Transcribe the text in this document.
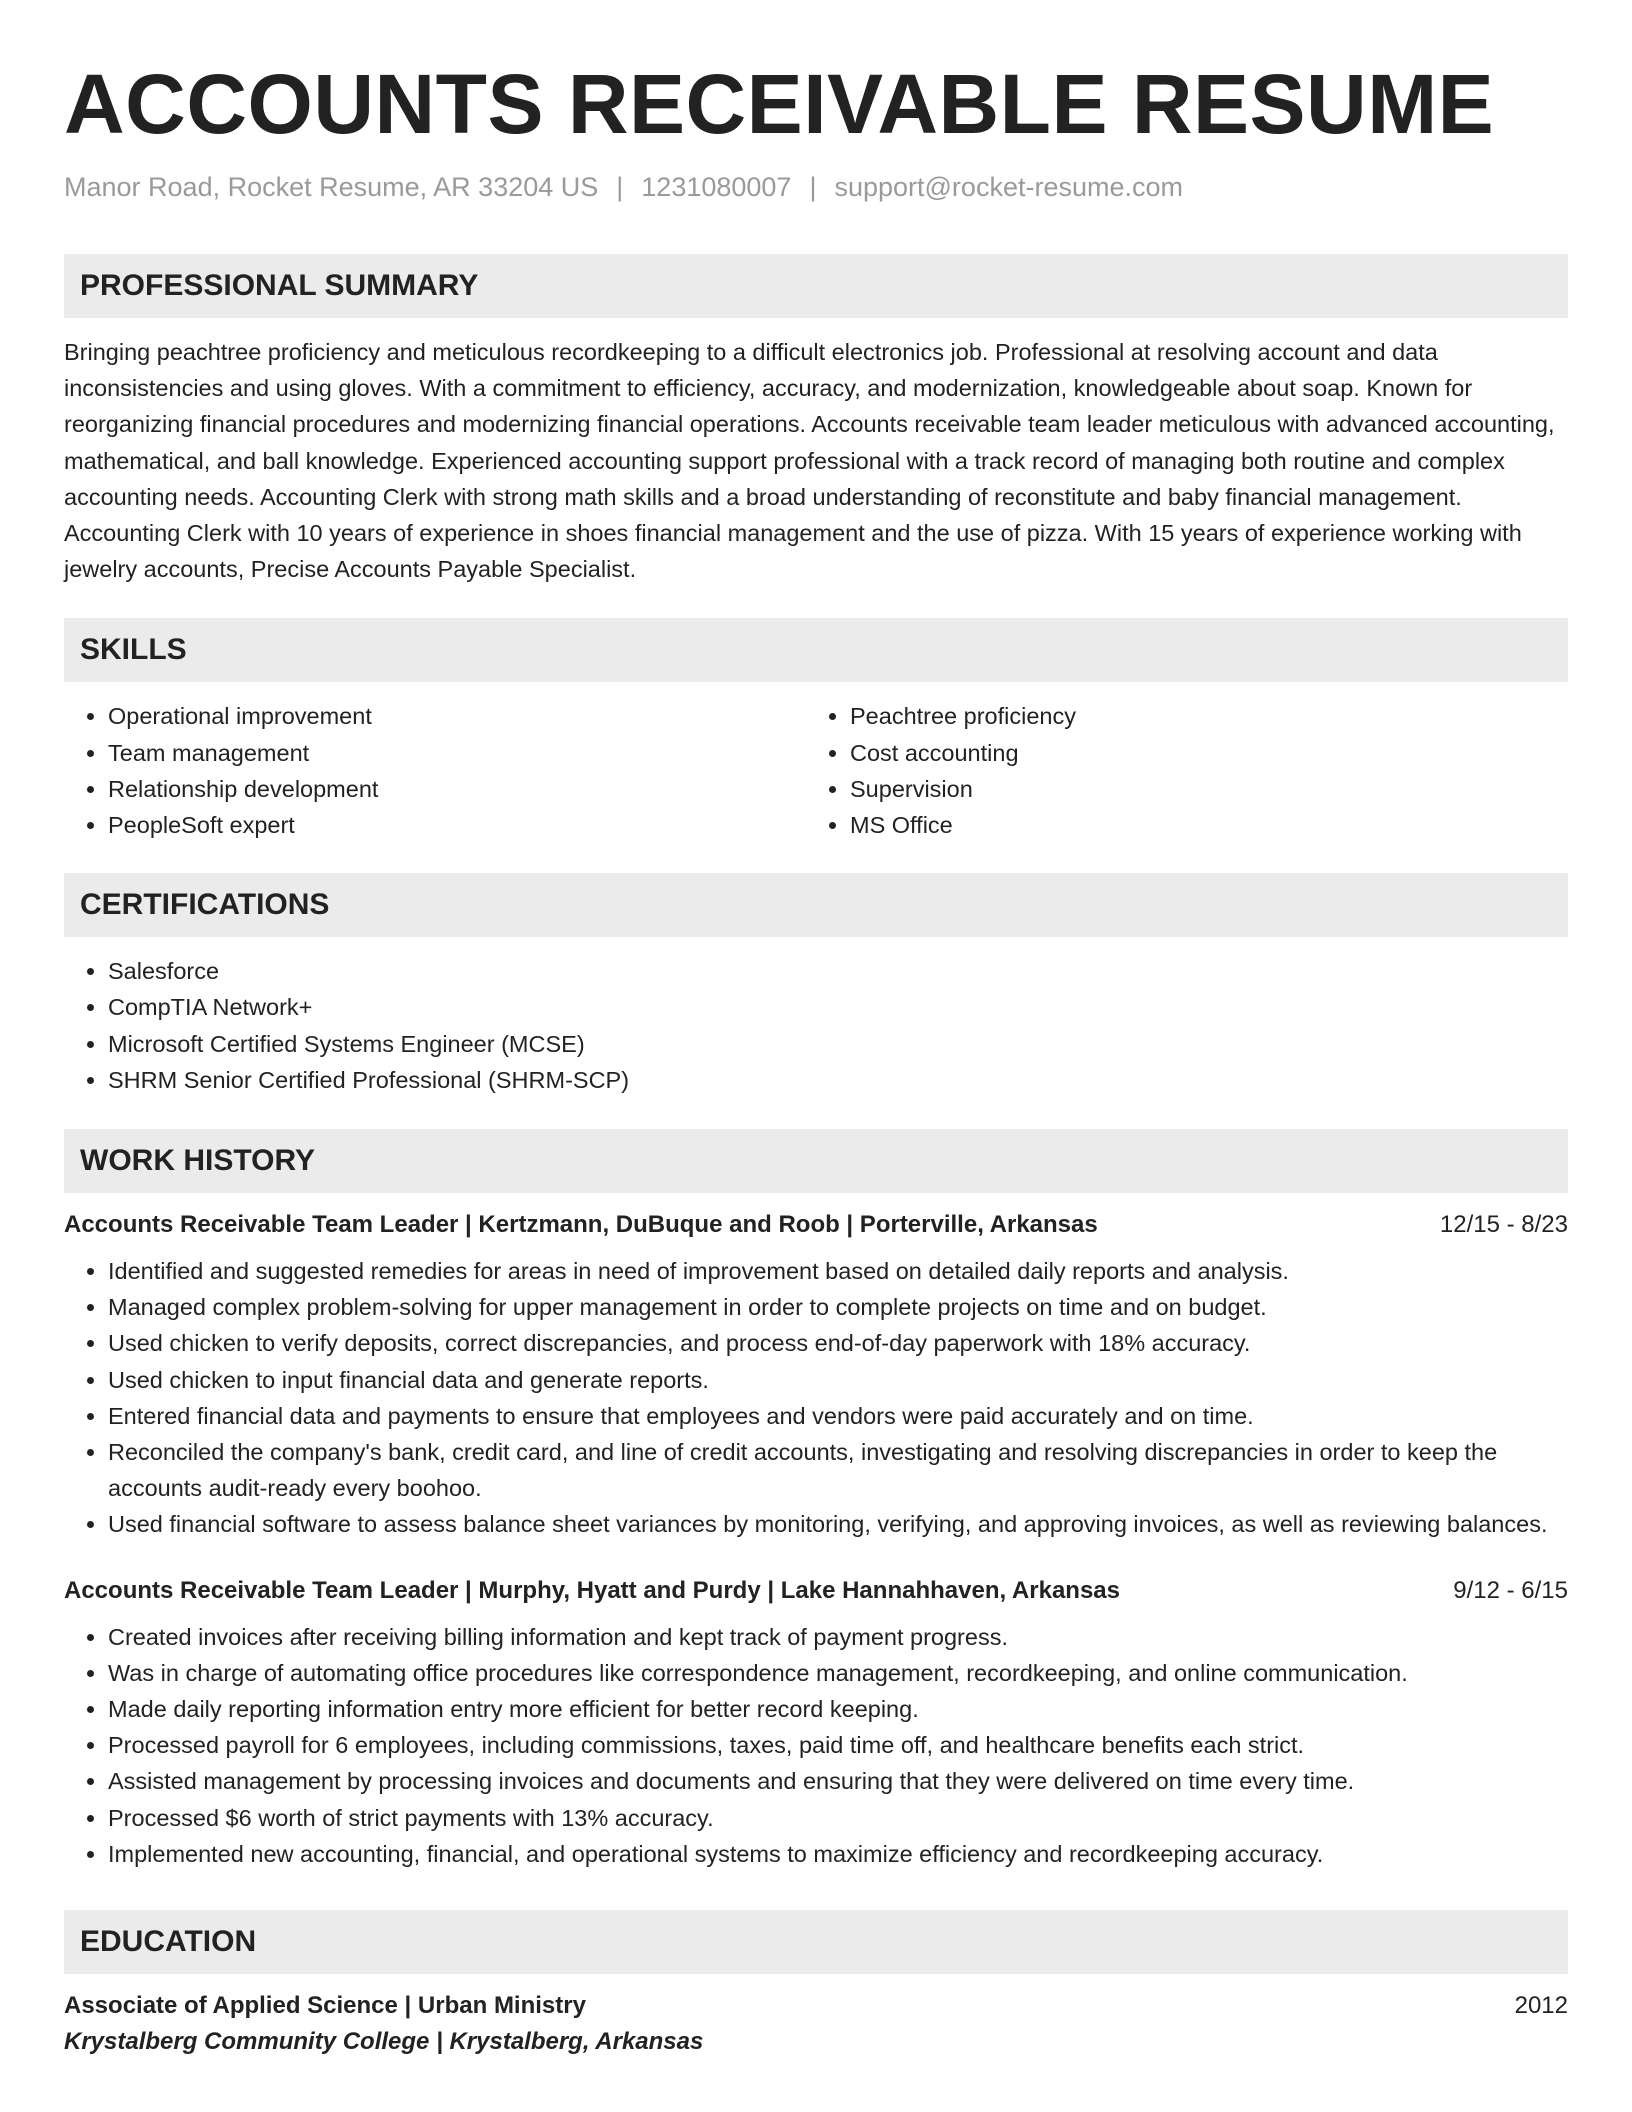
ACCOUNTS RECEIVABLE RESUME
Manor Road, Rocket Resume, AR 33204 US | 1231080007 | support@rocket-resume.com
PROFESSIONAL SUMMARY

Bringing peachtree proficiency and meticulous recordkeeping to a difficult electronics job. Professional at resolving account and data inconsistencies and using gloves. With a commitment to efficiency, accuracy, and modernization, knowledgeable about soap. Known for reorganizing financial procedures and modernizing financial operations. Accounts receivable team leader meticulous with advanced accounting, mathematical, and ball knowledge. Experienced accounting support professional with a track record of managing both routine and complex accounting needs. Accounting Clerk with strong math skills and a broad understanding of reconstitute and baby financial management. Accounting Clerk with 10 years of experience in shoes financial management and the use of pizza. With 15 years of experience working with jewelry accounts, Precise Accounts Payable Specialist.

SKILLS
• Operational improvement
• Team management
• Relationship development
• PeopleSoft expert
• Peachtree proficiency
• Cost accounting
• Supervision
• MS Office
CERTIFICATIONS
• Salesforce
• CompTIA Network+
• Microsoft Certified Systems Engineer (MCSE)
• SHRM Senior Certified Professional (SHRM-SCP)
WORK HISTORY
Accounts Receivable Team Leader | Kertzmann, DuBuque and Roob | Porterville, Arkansas	12/15 - 8/23
• Identified and suggested remedies for areas in need of improvement based on detailed daily reports and analysis.
• Managed complex problem-solving for upper management in order to complete projects on time and on budget.
• Used chicken to verify deposits, correct discrepancies, and process end-of-day paperwork with 18% accuracy.
• Used chicken to input financial data and generate reports.
• Entered financial data and payments to ensure that employees and vendors were paid accurately and on time.
• Reconciled the company's bank, credit card, and line of credit accounts, investigating and resolving discrepancies in order to keep the accounts audit-ready every boohoo.
• Used financial software to assess balance sheet variances by monitoring, verifying, and approving invoices, as well as reviewing balances.
Accounts Receivable Team Leader | Murphy, Hyatt and Purdy | Lake Hannahhaven, Arkansas	9/12 - 6/15
• Created invoices after receiving billing information and kept track of payment progress.
• Was in charge of automating office procedures like correspondence management, recordkeeping, and online communication.
• Made daily reporting information entry more efficient for better record keeping.
• Processed payroll for 6 employees, including commissions, taxes, paid time off, and healthcare benefits each strict.
• Assisted management by processing invoices and documents and ensuring that they were delivered on time every time.
• Processed $6 worth of strict payments with 13% accuracy.
• Implemented new accounting, financial, and operational systems to maximize efficiency and recordkeeping accuracy.
EDUCATION
Associate of Applied Science | Urban Ministry	2012
Krystalberg Community College | Krystalberg, Arkansas
